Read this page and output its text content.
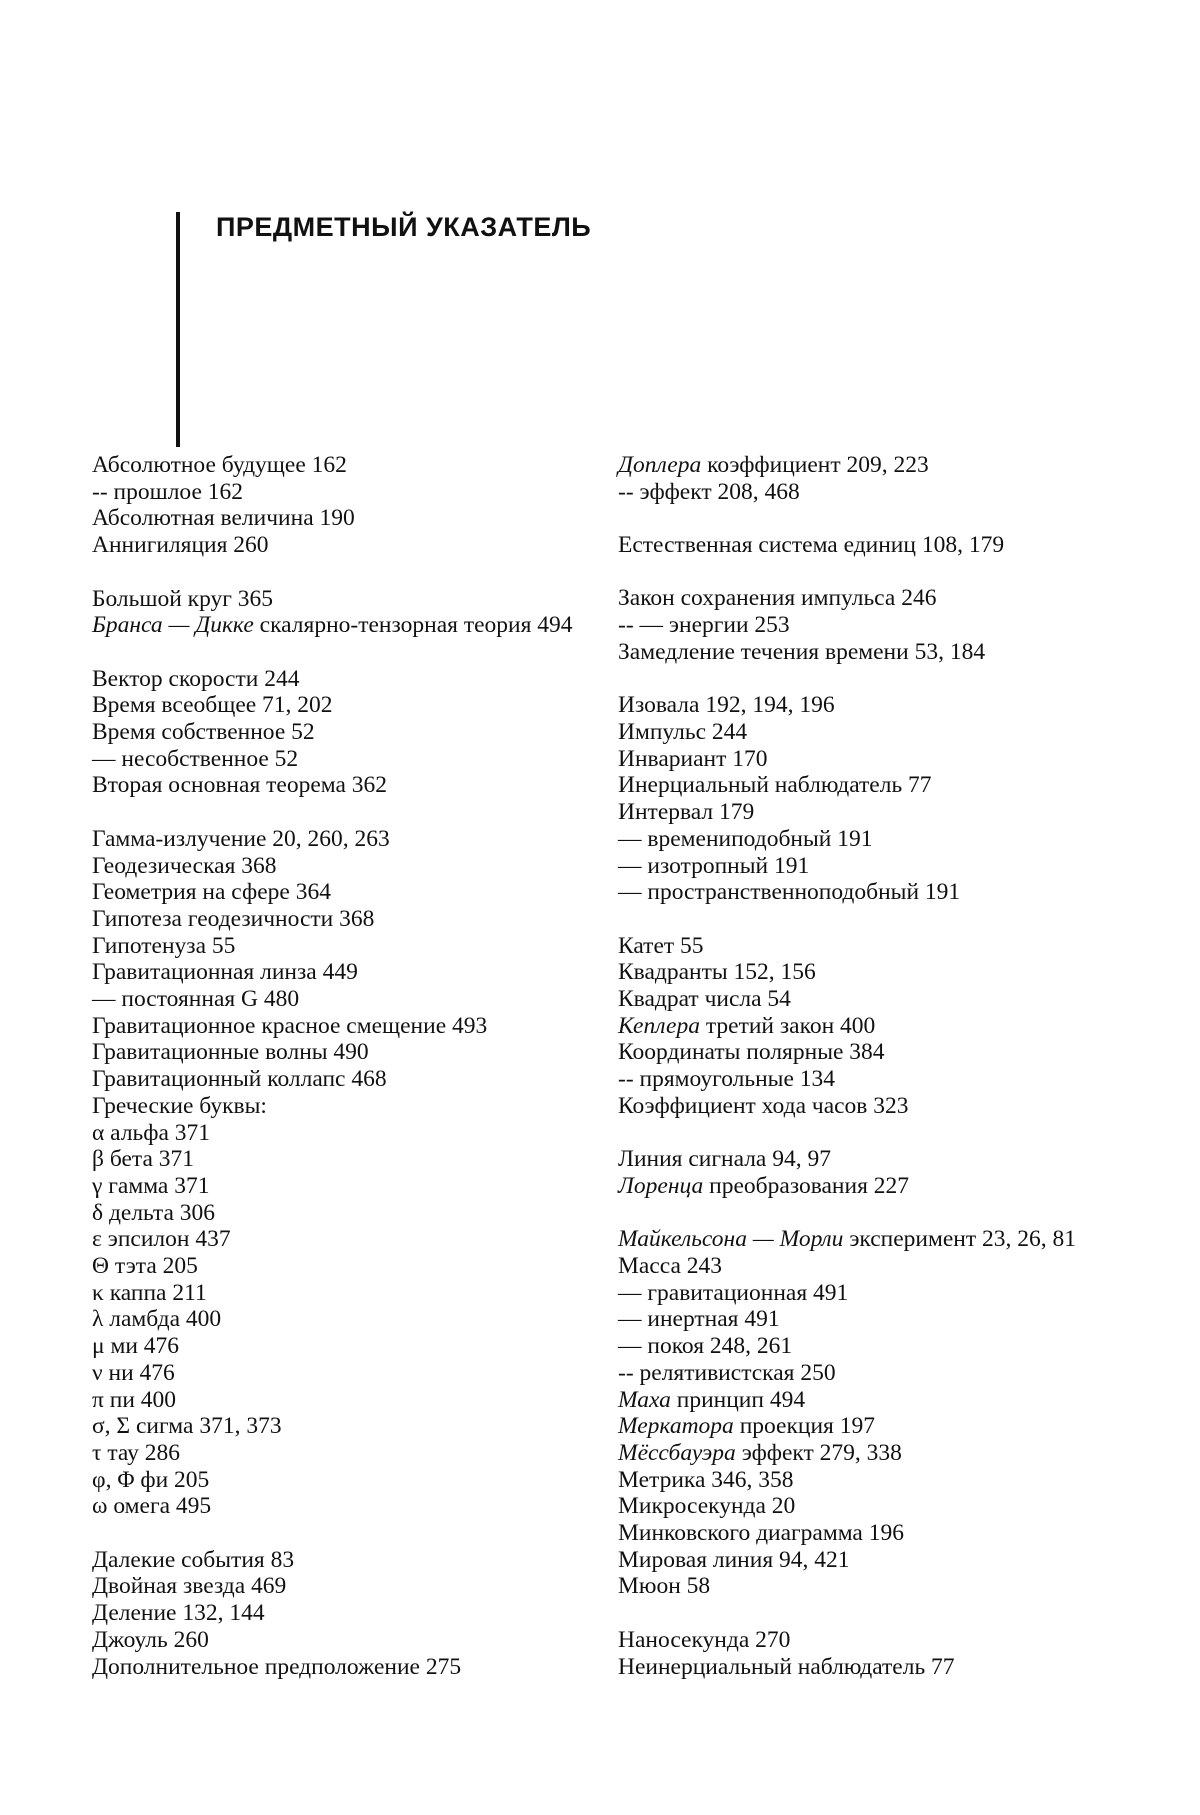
ПРЕДМЕТНЫЙ УКАЗАТЕЛЬ
Абсолютное будущее 162
-- прошлое 162
Абсолютная величина 190
Аннигиляция 260
Большой круг 365
Бранса — Дикке скалярно-тензорная теория 494
Вектор скорости 244
Время всеобщее 71, 202
Время собственное 52
— несобственное 52
Вторая основная теорема 362
Гамма-излучение 20, 260, 263
Геодезическая 368
Геометрия на сфере 364
Гипотеза геодезичности 368
Гипотенуза 55
Гравитационная линза 449
— постоянная G 480
Гравитационное красное смещение 493
Гравитационные волны 490
Гравитационный коллапс 468
Греческие буквы:
α альфа 371
β бета 371
γ гамма 371
δ дельта 306
ε эпсилон 437
Θ тэта 205
κ каппа 211
λ ламбда 400
μ ми 476
ν ни 476
π пи 400
σ, Σ сигма 371, 373
τ тау 286
φ, Φ фи 205
ω омега 495
Далекие события 83
Двойная звезда 469
Деление 132, 144
Джоуль 260
Дополнительное предположение 275
Доплера коэффициент 209, 223
-- эффект 208, 468
Естественная система единиц 108, 179
Закон сохранения импульса 246
-- — энергии 253
Замедление течения времени 53, 184
Изовала 192, 194, 196
Импульс 244
Инвариант 170
Инерциальный наблюдатель 77
Интервал 179
— времениподобный 191
— изотропный 191
— пространственноподобный 191
Катет 55
Квадранты 152, 156
Квадрат числа 54
Кеплера третий закон 400
Координаты полярные 384
-- прямоугольные 134
Коэффициент хода часов 323
Линия сигнала 94, 97
Лоренца преобразования 227
Майкельсона — Морли эксперимент 23, 26, 81
Масса 243
— гравитационная 491
— инертная 491
— покоя 248, 261
-- релятивистская 250
Маха принцип 494
Меркатора проекция 197
Мёссбауэра эффект 279, 338
Метрика 346, 358
Микросекунда 20
Минковского диаграмма 196
Мировая линия 94, 421
Мюон 58
Наносекунда 270
Неинерциальный наблюдатель 77
